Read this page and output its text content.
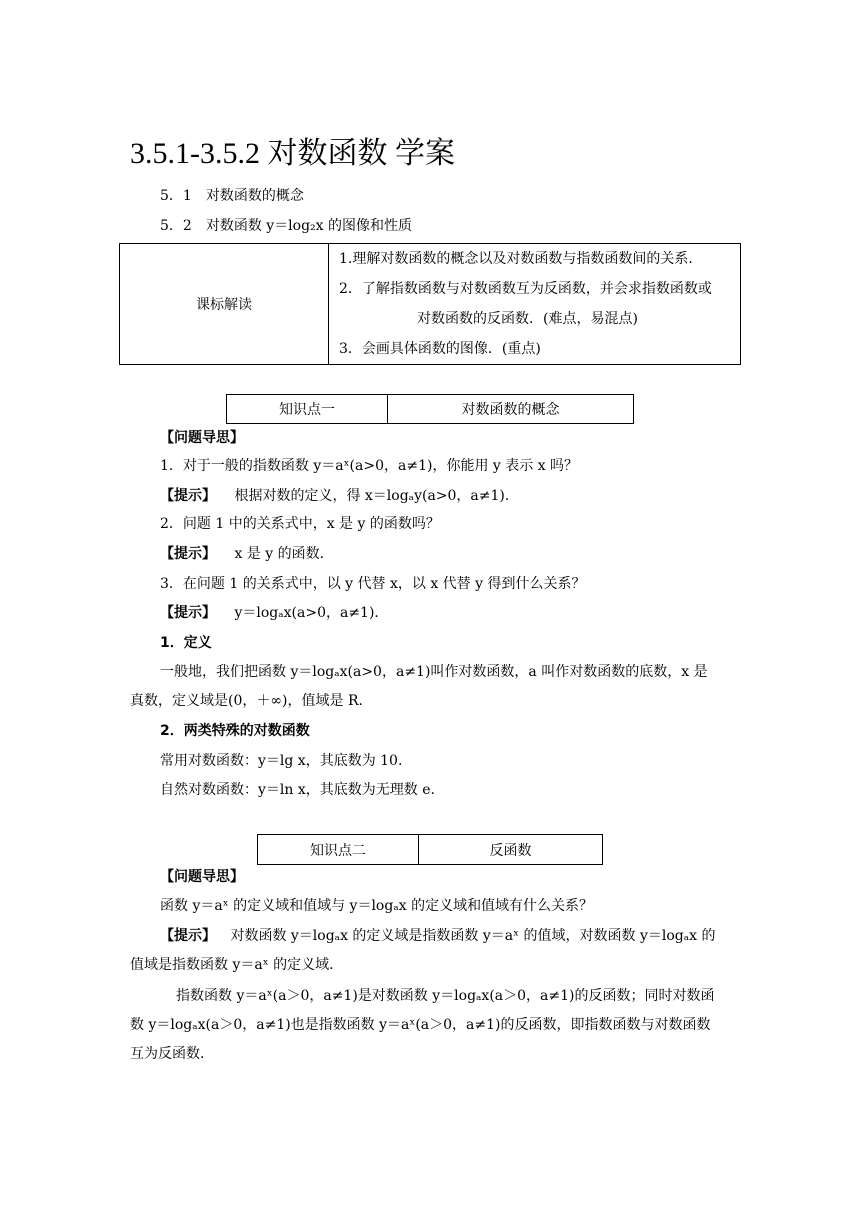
3.5.1-3.5.2 对数函数 学案
5．1　对数函数的概念
5．2　对数函数 y＝log₂x 的图像和性质
课标解读	
1.理解对数函数的概念以及对数函数与指数函数间的关系．
2．了解指数函数与对数函数互为反函数，并会求指数函数或
对数函数的反函数．(难点，易混点)
3．会画具体函数的图像．(重点)
知识点一	对数函数的概念
【问题导思】
1．对于一般的指数函数 y＝aˣ(a>0，a≠1)，你能用 y 表示 x 吗？
【提示】 根据对数的定义，得 x＝logₐy(a>0，a≠1)．
2．问题 1 中的关系式中，x 是 y 的函数吗？
【提示】 x 是 y 的函数．
3．在问题 1 的关系式中，以 y 代替 x，以 x 代替 y 得到什么关系？
【提示】 y＝logₐx(a>0，a≠1)．
1．定义
一般地，我们把函数 y＝logₐx(a>0，a≠1)叫作对数函数，a 叫作对数函数的底数，x 是
真数，定义域是(0，＋∞)，值域是 R.
2．两类特殊的对数函数
常用对数函数：y＝lg x，其底数为 10.
自然对数函数：y＝ln x，其底数为无理数 e.
知识点二	反函数
【问题导思】
函数 y＝aˣ 的定义域和值域与 y＝logₐx 的定义域和值域有什么关系？
【提示】 对数函数 y＝logₐx 的定义域是指数函数 y＝aˣ 的值域，对数函数 y＝logₐx 的
值域是指数函数 y＝aˣ 的定义域．
指数函数 y＝aˣ(a＞0，a≠1)是对数函数 y＝logₐx(a＞0，a≠1)的反函数；同时对数函
数 y＝logₐx(a＞0，a≠1)也是指数函数 y＝aˣ(a＞0，a≠1)的反函数，即指数函数与对数函数
互为反函数．
